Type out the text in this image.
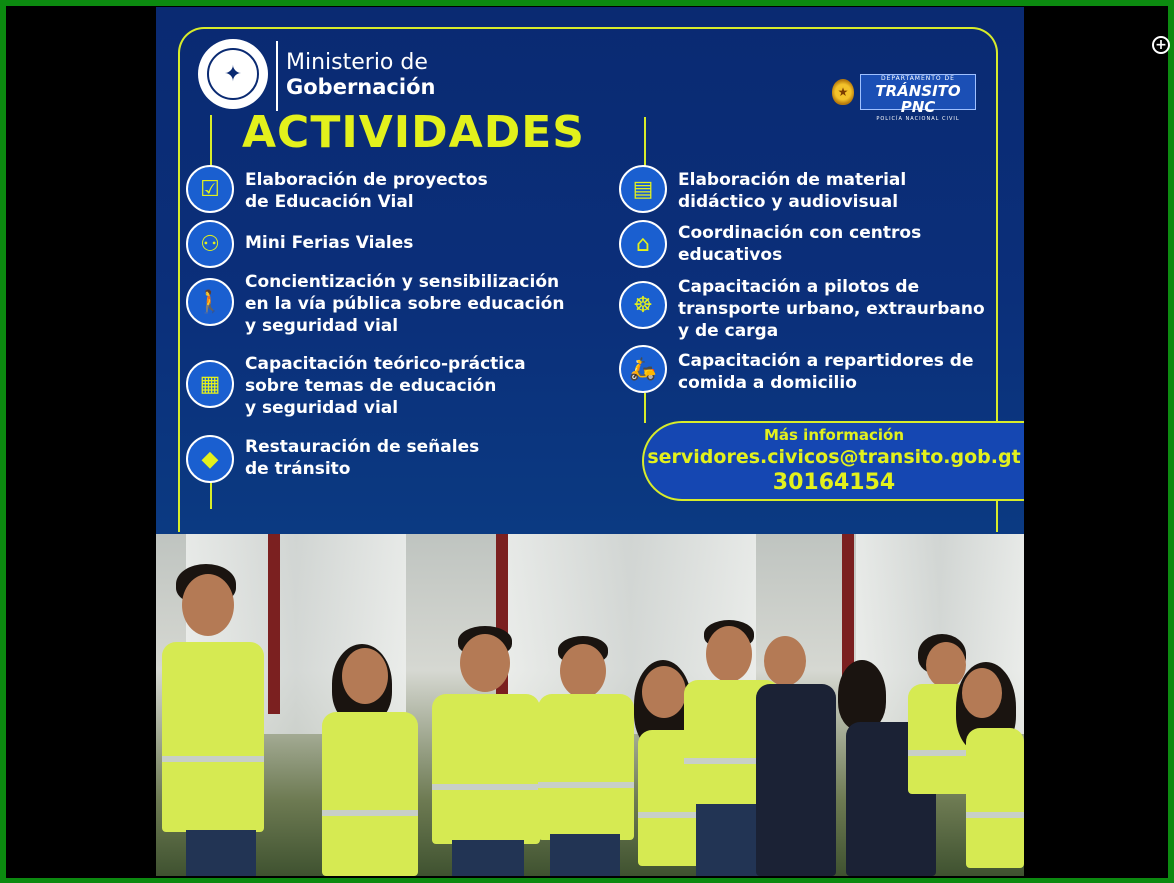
✦	Ministerio de
Gobernación	★
DEPARTAMENTO DE
TRÁNSITO PNC
POLICÍA NACIONAL CIVIL
ACTIVIDADES
☑	Elaboración de proyectos
de Educación Vial
⚇	Mini Ferias Viales
🚶
Concientización y sensibilización
en la vía pública sobre educación
y seguridad vial
▦
Capacitación teórico-práctica
sobre temas de educación
y seguridad vial
◆	Restauración de señales
de tránsito
▤	Elaboración de material
didáctico y audiovisual
⌂	Coordinación con centros
educativos
☸
Capacitación a pilotos de
transporte urbano, extraurbano
y de carga
🛵	Capacitación a repartidores de
comida a domicilio
Más información
servidores.civicos@transito.gob.gt
30164154
+
